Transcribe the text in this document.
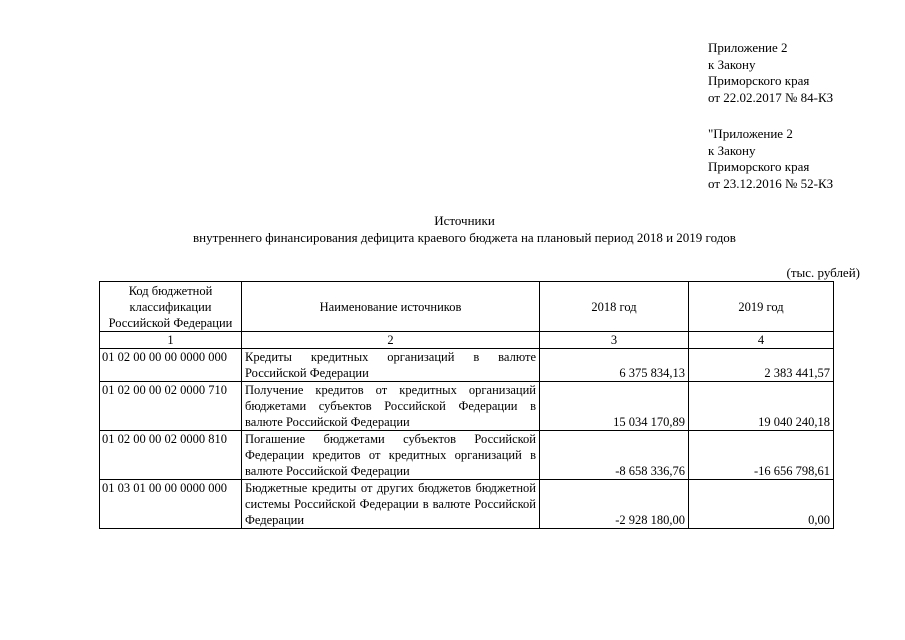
Приложение 2
к Закону
Приморского края
от 22.02.2017 № 84-КЗ
"Приложение 2
к Закону
Приморского края
от 23.12.2016 № 52-КЗ
Источники
внутреннего финансирования дефицита краевого бюджета на плановый период 2018 и 2019 годов
(тыс. рублей)
Код бюджетной классификации Российской Федерации	Наименование источников	2018 год	2019 год
1	2	3	4
01 02 00 00 00 0000 000	Кредиты кредитных организаций в валюте Российской Федерации	6 375 834,13	2 383 441,57
01 02 00 00 02 0000 710	Получение кредитов от кредитных организаций бюджетами субъектов Российской Федерации в валюте Российской Федерации	15 034 170,89	19 040 240,18
01 02 00 00 02 0000 810	Погашение бюджетами субъектов Российской Федерации кредитов от кредитных организаций в валюте Российской Федерации	-8 658 336,76	-16 656 798,61
01 03 01 00 00 0000 000	Бюджетные кредиты от других бюджетов бюджетной системы Российской Федерации в валюте Российской Федерации	-2 928 180,00	0,00
